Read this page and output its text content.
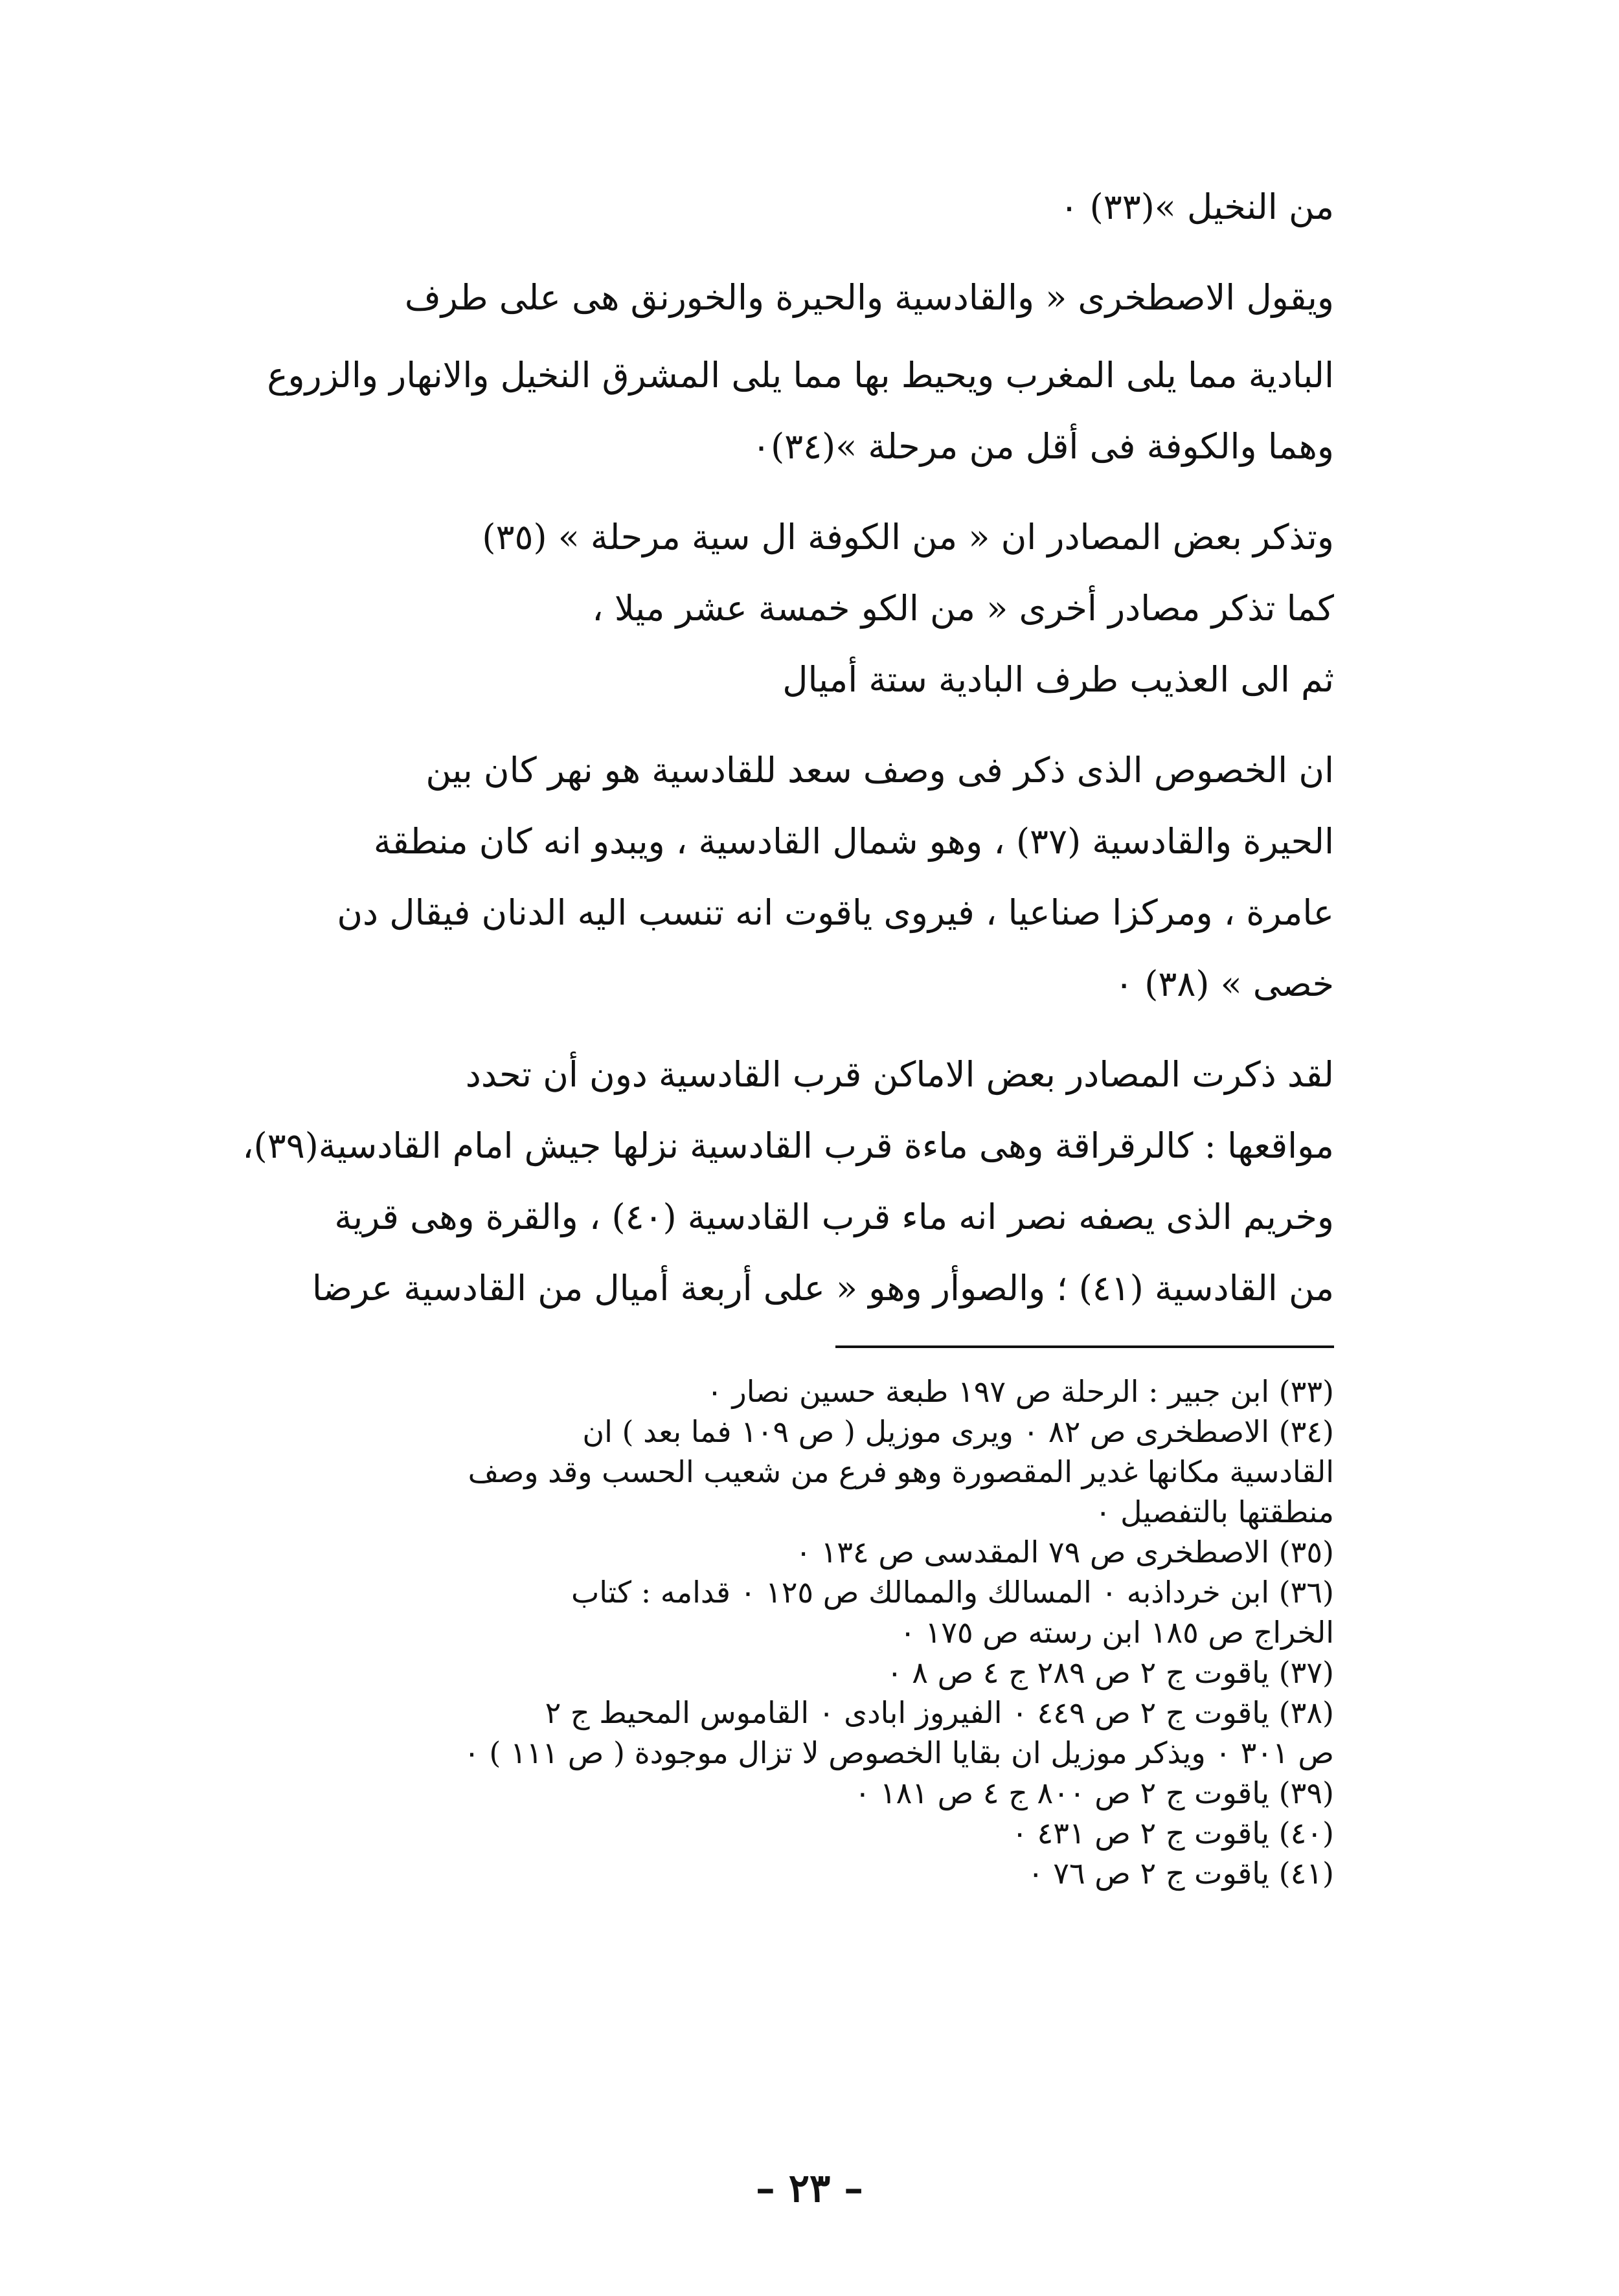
من النخيل »(٣٣) ٠
ويقول الاصطخرى « والقادسية والحيرة والخورنق هى على طرف
البادية مما يلى المغرب ويحيط بها مما يلى المشرق النخيل والانهار والزروع
وهما والكوفة فى أقل من مرحلة »(٣٤)٠
وتذكر بعض المصادر ان « من الكوفة ال سية مرحلة » (٣٥)
كما تذكر مصادر أخرى « من الكو خمسة عشر ميلا ،
ثم الى العذيب طرف البادية ستة أميال
ان الخصوص الذى ذكر فى وصف سعد للقادسية هو نهر كان بين
الحيرة والقادسية (٣٧) ، وهو شمال القادسية ، ويبدو انه كان منطقة
عامرة ، ومركزا صناعيا ، فيروى ياقوت انه تنسب اليه الدنان فيقال دن
خصى » (٣٨) ٠
لقد ذكرت المصادر بعض الاماكن قرب القادسية دون أن تحدد
مواقعها : كالرقراقة وهى ماءة قرب القادسية نزلها جيش امام القادسية(٣٩)،
وخريم الذى يصفه نصر انه ماء قرب القادسية (٤٠) ، والقرة وهى قرية
من القادسية (٤١) ؛ والصوأر وهو « على أربعة أميال من القادسية عرضا
(٣٣) ابن جبير : الرحلة ص ١٩٧ طبعة حسين نصار ٠
(٣٤) الاصطخرى ص ٨٢ ٠ ويرى موزيل ( ص ١٠٩ فما بعد ) ان
القادسية مكانها غدير المقصورة وهو فرع من شعيب الحسب وقد وصف
منطقتها بالتفصيل ٠
(٣٥) الاصطخرى ص ٧٩ المقدسى ص ١٣٤ ٠
(٣٦) ابن خرداذبه ٠ المسالك والممالك ص ١٢٥ ٠ قدامه : كتاب
الخراج ص ١٨٥ ابن رسته ص ١٧٥ ٠
(٣٧) ياقوت ج ٢ ص ٢٨٩ ج ٤ ص ٨ ٠
(٣٨) ياقوت ج ٢ ص ٤٤٩ ٠ الفيروز ابادى ٠ القاموس المحيط ج ٢
ص ٣٠١ ٠ ويذكر موزيل ان بقايا الخصوص لا تزال موجودة ( ص ١١١ ) ٠
(٣٩) ياقوت ج ٢ ص ٨٠٠ ج ٤ ص ١٨١ ٠
(٤٠) ياقوت ج ٢ ص ٤٣١ ٠
(٤١) ياقوت ج ٢ ص ٧٦ ٠
– ٢٣ –
